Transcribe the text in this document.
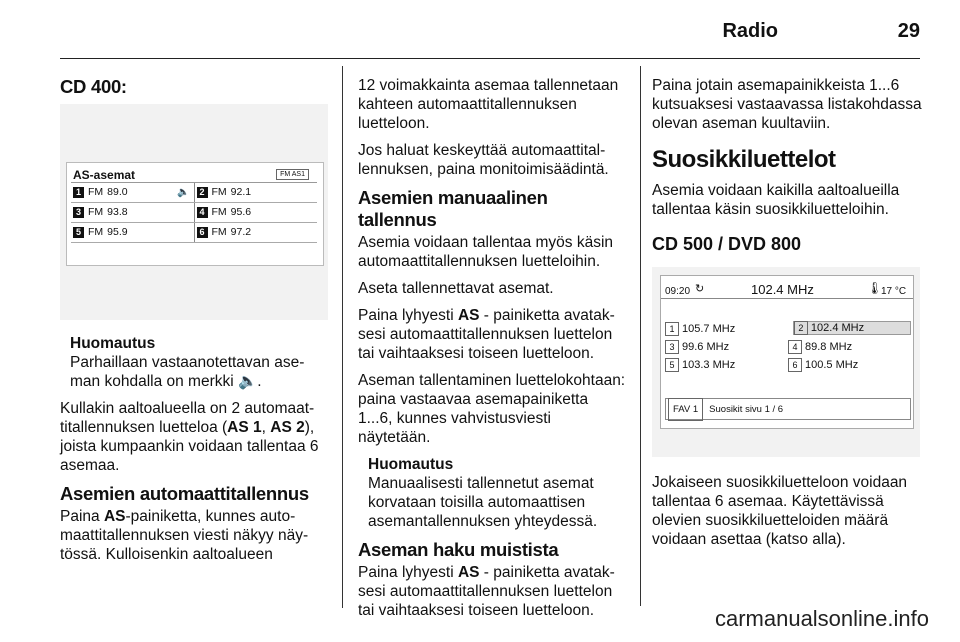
Radio	29
CD 400:
AS-asemat	FM AS1
1 FM 89.0	🔈	2 FM 92.1
3 FM 93.8	4 FM 95.6
5 FM 95.9	6 FM 97.2
Huomautus
Parhaillaan vastaanotettavan aseman kohdalla on merkki 🔈.

Kullakin aaltoalueella on 2 automaattitallennuksen luetteloa (AS 1, AS 2), joista kumpaankin voidaan tallentaa 6 asemaa.

Asemien automaattitallennus

Paina AS-painiketta, kunnes automaattitallennuksen viesti näkyy näytössä. Kulloisenkin aaltoalueen

12 voimakkainta asemaa tallennetaan kahteen automaattitallennuksen luetteloon.

Jos haluat keskeyttää automaattitallennuksen, paina monitoimisäädintä.

Asemien manuaalinen tallennus

Asemia voidaan tallentaa myös käsin automaattitallennuksen luetteloihin.

Aseta tallennettavat asemat.

Paina lyhyesti AS - painiketta avataksesi automaattitallennuksen luettelon tai vaihtaaksesi toiseen luetteloon.

Aseman tallentaminen luettelokohtaan: paina vastaavaa asemapainiketta 1...6, kunnes vahvistusviesti näytetään.

Huomautus
Manuaalisesti tallennetut asemat korvataan toisilla automaattisen asemantallennuksen yhteydessä.
Aseman haku muistista

Paina lyhyesti AS - painiketta avataksesi automaattitallennuksen luettelon tai vaihtaaksesi toiseen luetteloon.

Paina jotain asemapainikkeista 1...6 kutsuaksesi vastaavassa listakohdassa olevan aseman kuultaviin.

Suosikkiluettelot

Asemia voidaan kaikilla aaltoalueilla tallentaa käsin suosikkiluetteloihin.

CD 500 / DVD 800
09:20 ↻	102.4 MHz	🌡
17 °C
1 105.7 MHz	2 102.4 MHz
3 99.6 MHz	4 89.8 MHz
5 103.3 MHz	6 100.5 MHz
FAV 1	Suosikit sivu 1 / 6

Jokaiseen suosikkiluetteloon voidaan tallentaa 6 asemaa. Käytettävissä olevien suosikkiluetteloiden määrä voidaan asettaa (katso alla).

carmanualsonline.info
